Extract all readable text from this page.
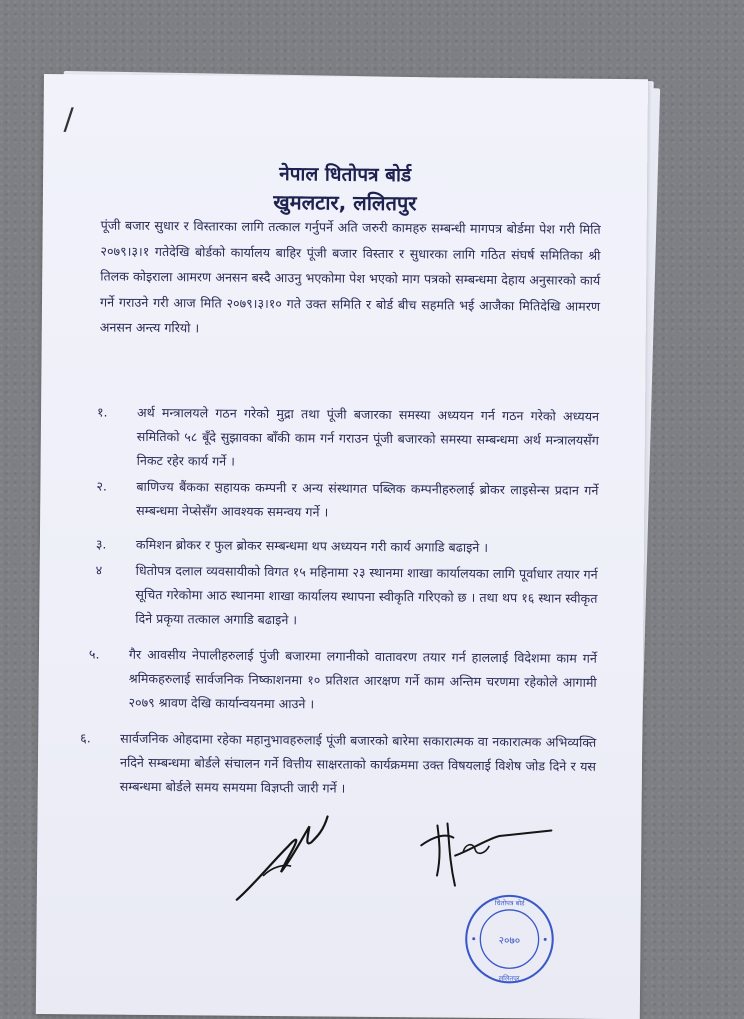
/
नेपाल धितोपत्र बोर्ड
खुमलटार, ललितपुर
पूंजी बजार सुधार र विस्तारका लागि तत्काल गर्नुपर्ने अति जरुरी कामहरु सम्बन्धी मागपत्र बोर्डमा पेश गरी मिति २०७९।३।१ गतेदेखि बोर्डको कार्यालय बाहिर पूंजी बजार विस्तार र सुधारका लागि गठित संघर्ष समितिका श्री तिलक कोइराला आमरण अनसन बस्दै आउनु भएकोमा पेश भएको माग पत्रको सम्बन्धमा देहाय अनुसारको कार्य गर्ने गराउने गरी आज मिति २०७९।३।१० गते उक्त समिति र बोर्ड बीच सहमति भई आजैका मितिदेखि आमरण अनसन अन्त्य गरियो ।
१.	अर्थ मन्त्रालयले गठन गरेको मुद्रा तथा पूंजी बजारका समस्या अध्ययन गर्न गठन गरेको अध्ययन समितिको ५८ बूँदे सुझावका बाँकी काम गर्न गराउन पूंजी बजारको समस्या सम्बन्धमा अर्थ मन्त्रालयसँग निकट रहेर कार्य गर्ने ।
२.	बाणिज्य बैंकका सहायक कम्पनी र अन्य संस्थागत पब्लिक कम्पनीहरुलाई ब्रोकर लाइसेन्स प्रदान गर्ने सम्बन्धमा नेप्सेसँग आवश्यक समन्वय गर्ने ।
३.	कमिशन ब्रोकर र फुल ब्रोकर सम्बन्धमा थप अध्ययन गरी कार्य अगाडि बढाइने ।
४	धितोपत्र दलाल व्यवसायीको विगत १५ महिनामा २३ स्थानमा शाखा कार्यालयका लागि पूर्वाधार तयार गर्न सूचित गरेकोमा आठ स्थानमा शाखा कार्यालय स्थापना स्वीकृति गरिएको छ । तथा थप १६ स्थान स्वीकृत दिने प्रकृया तत्काल अगाडि बढाइने ।
५.	गैर आवसीय नेपालीहरुलाई पुंजी बजारमा लगानीको वातावरण तयार गर्न हाललाई विदेशमा काम गर्ने श्रमिकहरुलाई सार्वजनिक निष्काशनमा १० प्रतिशत आरक्षण गर्ने काम अन्तिम चरणमा रहेकोले आगामी २०७९ श्रावण देखि कार्यान्वयनमा आउने ।
६.	सार्वजनिक ओहदामा रहेका महानुभावहरुलाई पूंजी बजारको बारेमा सकारात्मक वा नकारात्मक अभिव्यक्ति नदिने सम्बन्धमा बोर्डले संचालन गर्ने वित्तीय साक्षरताको कार्यक्रममा उक्त विषयलाई विशेष जोड दिने र यस सम्बन्धमा बोर्डले समय समयमा विज्ञप्ती जारी गर्ने ।
२०७०
धितोपत्र बोर्ड
ललितपुर
